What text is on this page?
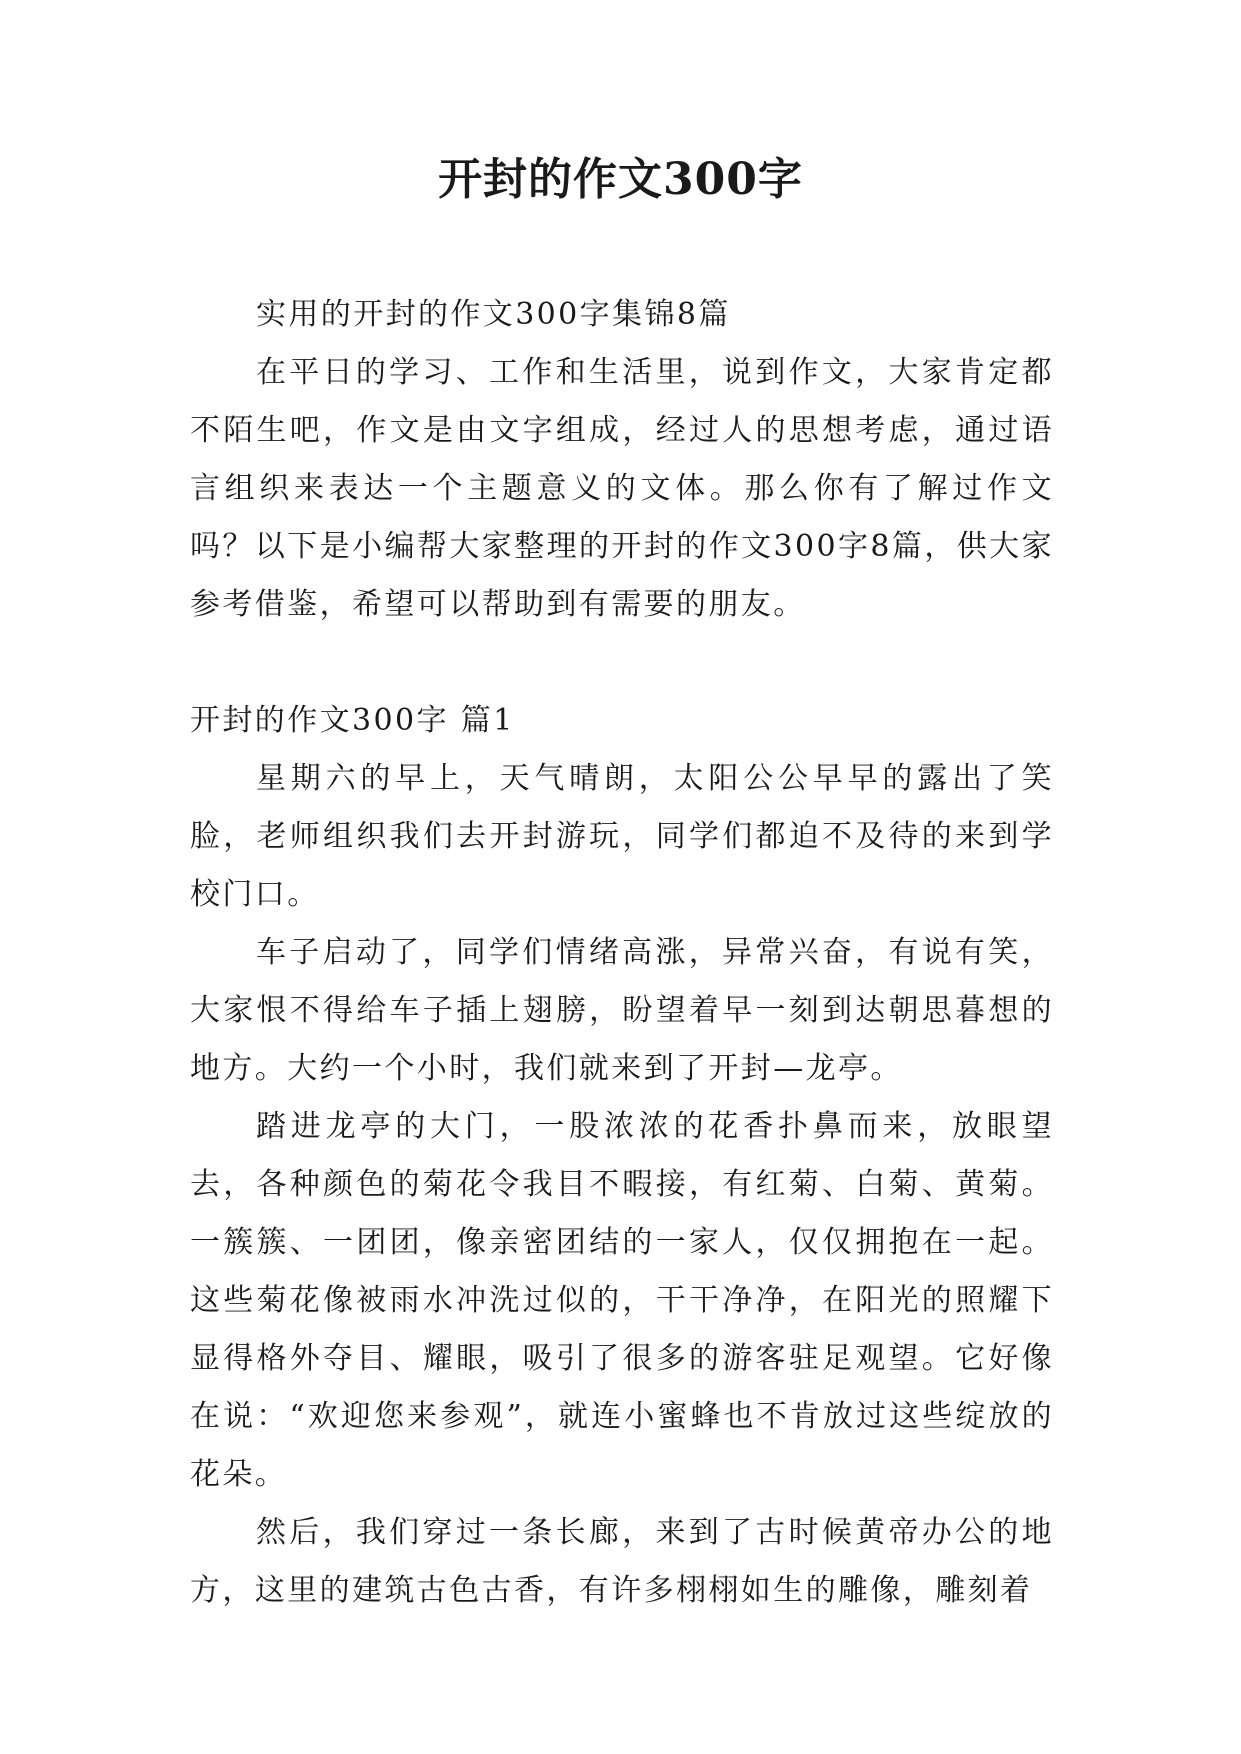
开封的作文300字

实用的开封的作文300字集锦8篇

在平日的学习、工作和生活里，说到作文，大家肯定都不陌生吧，作文是由文字组成，经过人的思想考虑，通过语言组织来表达一个主题意义的文体。那么你有了解过作文吗？以下是小编帮大家整理的开封的作文300字8篇，供大家参考借鉴，希望可以帮助到有需要的朋友。

开封的作文300字 篇1

星期六的早上，天气晴朗，太阳公公早早的露出了笑脸，老师组织我们去开封游玩，同学们都迫不及待的来到学校门口。

车子启动了，同学们情绪高涨，异常兴奋，有说有笑，大家恨不得给车子插上翅膀，盼望着早一刻到达朝思暮想的地方。大约一个小时，我们就来到了开封—龙亭。

踏进龙亭的大门，一股浓浓的花香扑鼻而来，放眼望去，各种颜色的菊花令我目不暇接，有红菊、白菊、黄菊。一簇簇、一团团，像亲密团结的一家人，仅仅拥抱在一起。这些菊花像被雨水冲洗过似的，干干净净，在阳光的照耀下显得格外夺目、耀眼，吸引了很多的游客驻足观望。它好像在说：“欢迎您来参观”，就连小蜜蜂也不肯放过这些绽放的花朵。

然后，我们穿过一条长廊，来到了古时候黄帝办公的地方，这里的建筑古色古香，有许多栩栩如生的雕像，雕刻着
